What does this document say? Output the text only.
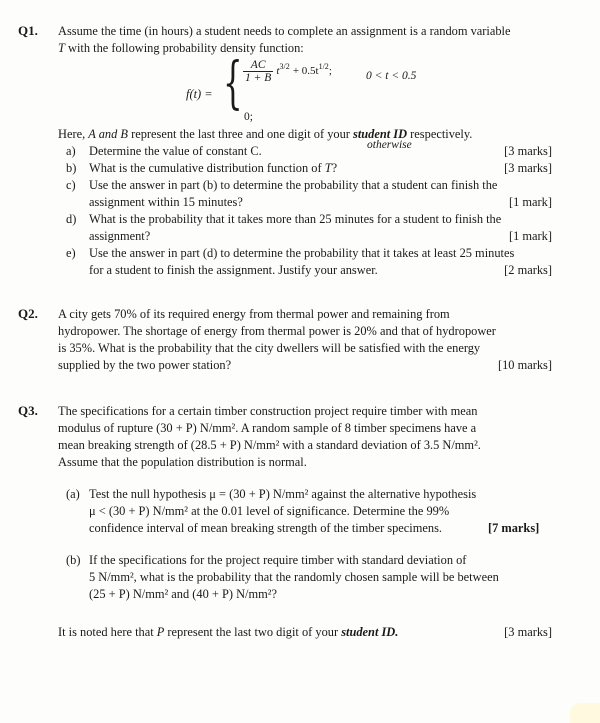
Q1. Assume the time (in hours) a student needs to complete an assignment is a random variable
T with the following probability density function:
f(t) = { $\frac{AC}{1 + B} t^{3/2} + 0.5t^{1/2}$;	0 < t < 0.5
0;
otherwise
Here, A and B represent the last three and one digit of your student ID respectively.
a) Determine the value of constant C.	[3 marks]
b) What is the cumulative distribution function of T?	[3 marks]
c) Use the answer in part (b) to determine the probability that a student can finish the
assignment within 15 minutes?	[1 mark]
d) What is the probability that it takes more than 25 minutes for a student to finish the
assignment?	[1 mark]
e) Use the answer in part (d) to determine the probability that it takes at least 25 minutes
for a student to finish the assignment. Justify your answer.	[2 marks]
Q2. A city gets 70% of its required energy from thermal power and remaining from
hydropower. The shortage of energy from thermal power is 20% and that of hydropower
is 35%. What is the probability that the city dwellers will be satisfied with the energy
supplied by the two power station?	[10 marks]
Q3. The specifications for a certain timber construction project require timber with mean
modulus of rupture (30 + P) N/mm². A random sample of 8 timber specimens have a
mean breaking strength of (28.5 + P) N/mm² with a standard deviation of 3.5 N/mm².
Assume that the population distribution is normal.
(a) Test the null hypothesis μ = (30 + P) N/mm² against the alternative hypothesis
μ < (30 + P) N/mm² at the 0.01 level of significance. Determine the 99%
confidence interval of mean breaking strength of the timber specimens.	[7 marks]
(b) If the specifications for the project require timber with standard deviation of
5 N/mm², what is the probability that the randomly chosen sample will be between
(25 + P) N/mm² and (40 + P) N/mm²?
It is noted here that P represent the last two digit of your student ID.	[3 marks]
